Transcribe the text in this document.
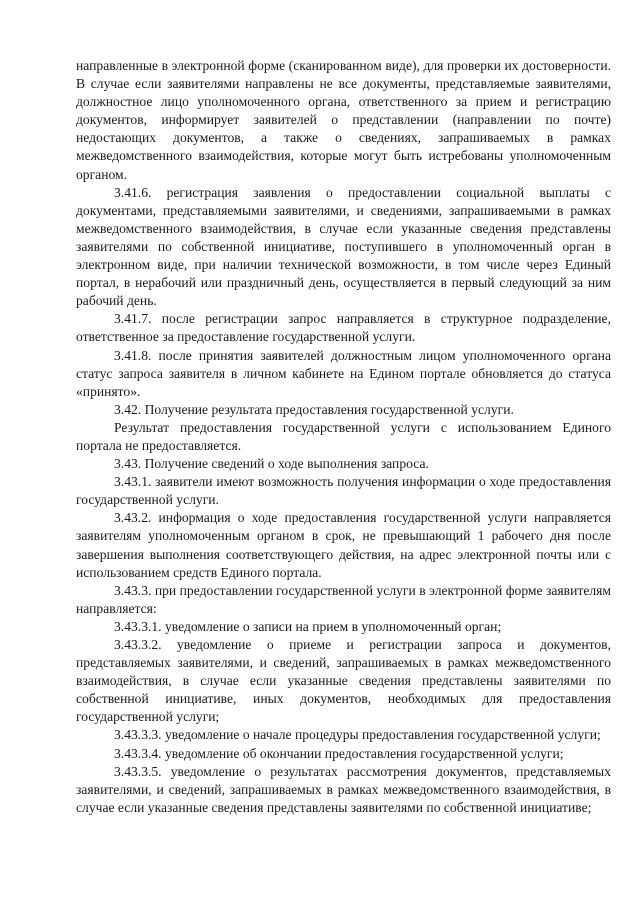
направленные в электронной форме (сканированном виде), для проверки их достоверности. В случае если заявителями направлены не все документы, представляемые заявителями, должностное лицо уполномоченного органа, ответственного за прием и регистрацию документов, информирует заявителей о представлении (направлении по почте) недостающих документов, а также о сведениях, запрашиваемых в рамках межведомственного взаимодействия, которые могут быть истребованы уполномоченным органом.

3.41.6. регистрация заявления о предоставлении социальной выплаты с документами, представляемыми заявителями, и сведениями, запрашиваемыми в рамках межведомственного взаимодействия, в случае если указанные сведения представлены заявителями по собственной инициативе, поступившего в уполномоченный орган в электронном виде, при наличии технической возможности, в том числе через Единый портал, в нерабочий или праздничный день, осуществляется в первый следующий за ним рабочий день.

3.41.7. после регистрации запрос направляется в структурное подразделение, ответственное за предоставление государственной услуги.

3.41.8. после принятия заявителей должностным лицом уполномоченного органа статус запроса заявителя в личном кабинете на Едином портале обновляется до статуса «принято».

3.42. Получение результата предоставления государственной услуги.

Результат предоставления государственной услуги с использованием Единого портала не предоставляется.

3.43. Получение сведений о ходе выполнения запроса.

3.43.1. заявители имеют возможность получения информации о ходе предоставления государственной услуги.

3.43.2. информация о ходе предоставления государственной услуги направляется заявителям уполномоченным органом в срок, не превышающий 1 рабочего дня после завершения выполнения соответствующего действия, на адрес электронной почты или с использованием средств Единого портала.

3.43.3. при предоставлении государственной услуги в электронной форме заявителям направляется:

3.43.3.1. уведомление о записи на прием в уполномоченный орган;

3.43.3.2. уведомление о приеме и регистрации запроса и документов, представляемых заявителями, и сведений, запрашиваемых в рамках межведомственного взаимодействия, в случае если указанные сведения представлены заявителями по собственной инициативе, иных документов, необходимых для предоставления государственной услуги;

3.43.3.3. уведомление о начале процедуры предоставления государственной услуги;

3.43.3.4. уведомление об окончании предоставления государственной услуги;

3.43.3.5. уведомление о результатах рассмотрения документов, представляемых заявителями, и сведений, запрашиваемых в рамках межведомственного взаимодействия, в случае если указанные сведения представлены заявителями по собственной инициативе;
